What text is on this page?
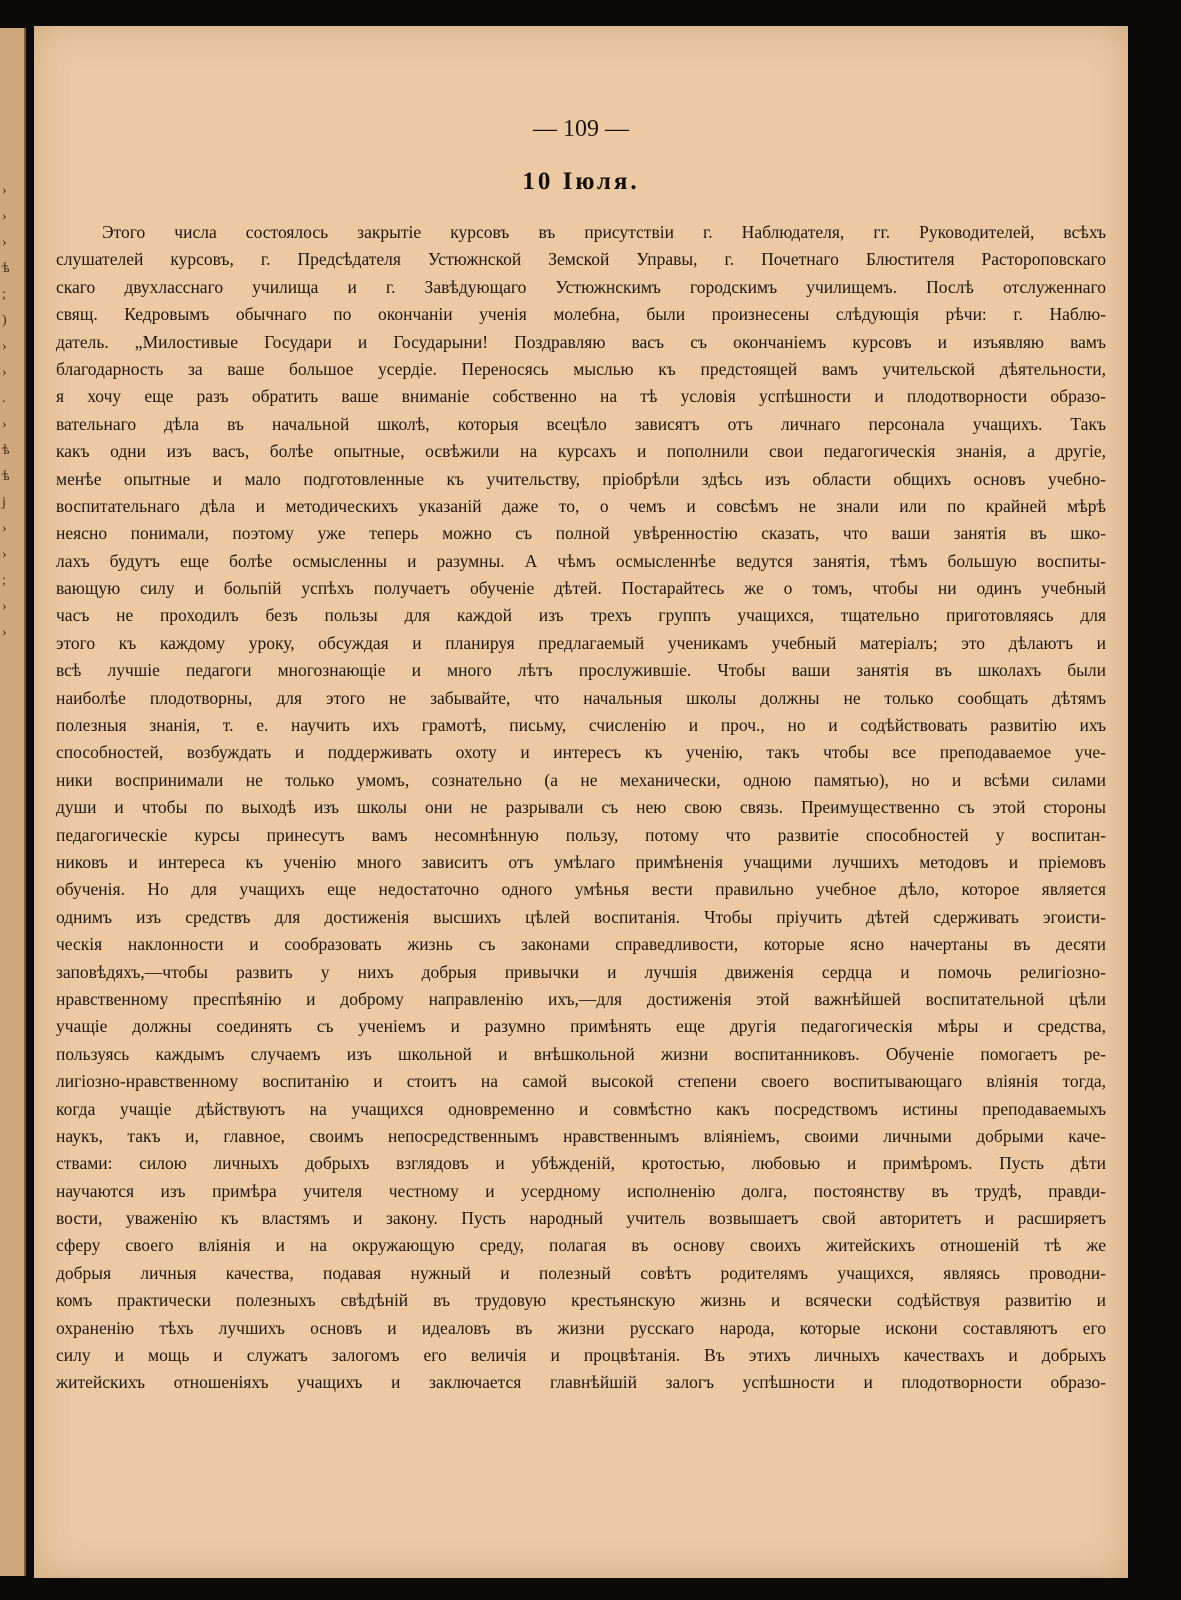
› › › ѣ ; ) › › . › ѣ ѣ ј › › ; › ›
— 109 —
10 Іюля.
Этого числа состоялось закрытіе курсовъ въ присутствіи г. Наблюдателя, гг. Руководителей, всѣхъ
слушателей курсовъ, г. Предсѣдателя Устюжнской Земской Управы, г. Почетнаго Блюстителя Растороповскаго
скаго двухласснаго училища и г. Завѣдующаго Устюжнскимъ городскимъ училищемъ. Послѣ отслуженнаго
свящ. Кедровымъ обычнаго по окончаніи ученія молебна, были произнесены слѣдующія рѣчи: г. Наблю-
датель. „Милостивые Государи и Государыни! Поздравляю васъ съ окончаніемъ курсовъ и изъявляю вамъ
благодарность за ваше большое усердіе. Переносясь мыслью къ предстоящей вамъ учительской дѣятельности,
я хочу еще разъ обратить ваше вниманіе собственно на тѣ условія успѣшности и плодотворности образо-
вательнаго дѣла въ начальной школѣ, которыя всецѣло зависятъ отъ личнаго персонала учащихъ. Такъ
какъ одни изъ васъ, болѣе опытные, освѣжили на курсахъ и пополнили свои педагогическія знанія, а другіе,
менѣе опытные и мало подготовленные къ учительству, пріобрѣли здѣсь изъ области общихъ основъ учебно-
воспитательнаго дѣла и методическихъ указаній даже то, о чемъ и совсѣмъ не знали или по крайней мѣрѣ
неясно понимали, поэтому уже теперь можно съ полной увѣренностію сказать, что ваши занятія въ шко-
лахъ будутъ еще болѣе осмысленны и разумны. А чѣмъ осмысленнѣе ведутся занятія, тѣмъ большую воспиты-
вающую силу и больпій успѣхъ получаетъ обученіе дѣтей. Постарайтесь же о томъ, чтобы ни одинъ учебный
часъ не проходилъ безъ пользы для каждой изъ трехъ группъ учащихся, тщательно приготовляясь для
этого къ каждому уроку, обсуждая и планируя предлагаемый ученикамъ учебный матеріалъ; это дѣлаютъ и
всѣ лучшіе педагоги многознающіе и много лѣтъ прослужившіе. Чтобы ваши занятія въ школахъ были
наиболѣе плодотворны, для этого не забывайте, что начальныя школы должны не только сообщать дѣтямъ
полезныя знанія, т. е. научить ихъ грамотѣ, письму, счисленію и проч., но и содѣйствовать развитію ихъ
способностей, возбуждать и поддерживать охоту и интересъ къ ученію, такъ чтобы все преподаваемое уче-
ники воспринимали не только умомъ, сознательно (а не механически, одною памятью), но и всѣми силами
души и чтобы по выходѣ изъ школы они не разрывали съ нею свою связь. Преимущественно съ этой стороны
педагогическіе курсы принесутъ вамъ несомнѣнную пользу, потому что развитіе способностей у воспитан-
никовъ и интереса къ ученію много зависитъ отъ умѣлаго примѣненія учащими лучшихъ методовъ и пріемовъ
обученія. Но для учащихъ еще недостаточно одного умѣнья вести правильно учебное дѣло, которое является
однимъ изъ средствъ для достиженія высшихъ цѣлей воспитанія. Чтобы пріучить дѣтей сдерживать эгоисти-
ческія наклонности и сообразовать жизнь съ законами справедливости, которые ясно начертаны въ десяти
заповѣдяхъ,—чтобы развить у нихъ добрыя привычки и лучшія движенія сердца и помочь религіозно-
нравственному преспѣянію и доброму направленію ихъ,—для достиженія этой важнѣйшей воспитательной цѣли
учащіе должны соединять съ ученіемъ и разумно примѣнять еще другія педагогическія мѣры и средства,
пользуясь каждымъ случаемъ изъ школьной и внѣшкольной жизни воспитанниковъ. Обученіе помогаетъ ре-
лигіозно-нравственному воспитанію и стоитъ на самой высокой степени своего воспитывающаго вліянія тогда,
когда учащіе дѣйствуютъ на учащихся одновременно и совмѣстно какъ посредствомъ истины преподаваемыхъ
наукъ, такъ и, главное, своимъ непосредственнымъ нравственнымъ вліяніемъ, своими личными добрыми каче-
ствами: силою личныхъ добрыхъ взглядовъ и убѣжденій, кротостью, любовью и примѣромъ. Пусть дѣти
научаются изъ примѣра учителя честному и усердному исполненію долга, постоянству въ трудѣ, правди-
вости, уваженію къ властямъ и закону. Пусть народный учитель возвышаетъ свой авторитетъ и расширяетъ
сферу своего вліянія и на окружающую среду, полагая въ основу своихъ житейскихъ отношеній тѣ же
добрыя личныя качества, подавая нужный и полезный совѣтъ родителямъ учащихся, являясь проводни-
комъ практически полезныхъ свѣдѣній въ трудовую крестьянскую жизнь и всячески содѣйствуя развитію и
охраненію тѣхъ лучшихъ основъ и идеаловъ въ жизни русскаго народа, которые искони составляютъ его
силу и мощь и служатъ залогомъ его величія и процвѣтанія. Въ этихъ личныхъ качествахъ и добрыхъ
житейскихъ отношеніяхъ учащихъ и заключается главнѣйшій залогъ успѣшности и плодотворности образо-
